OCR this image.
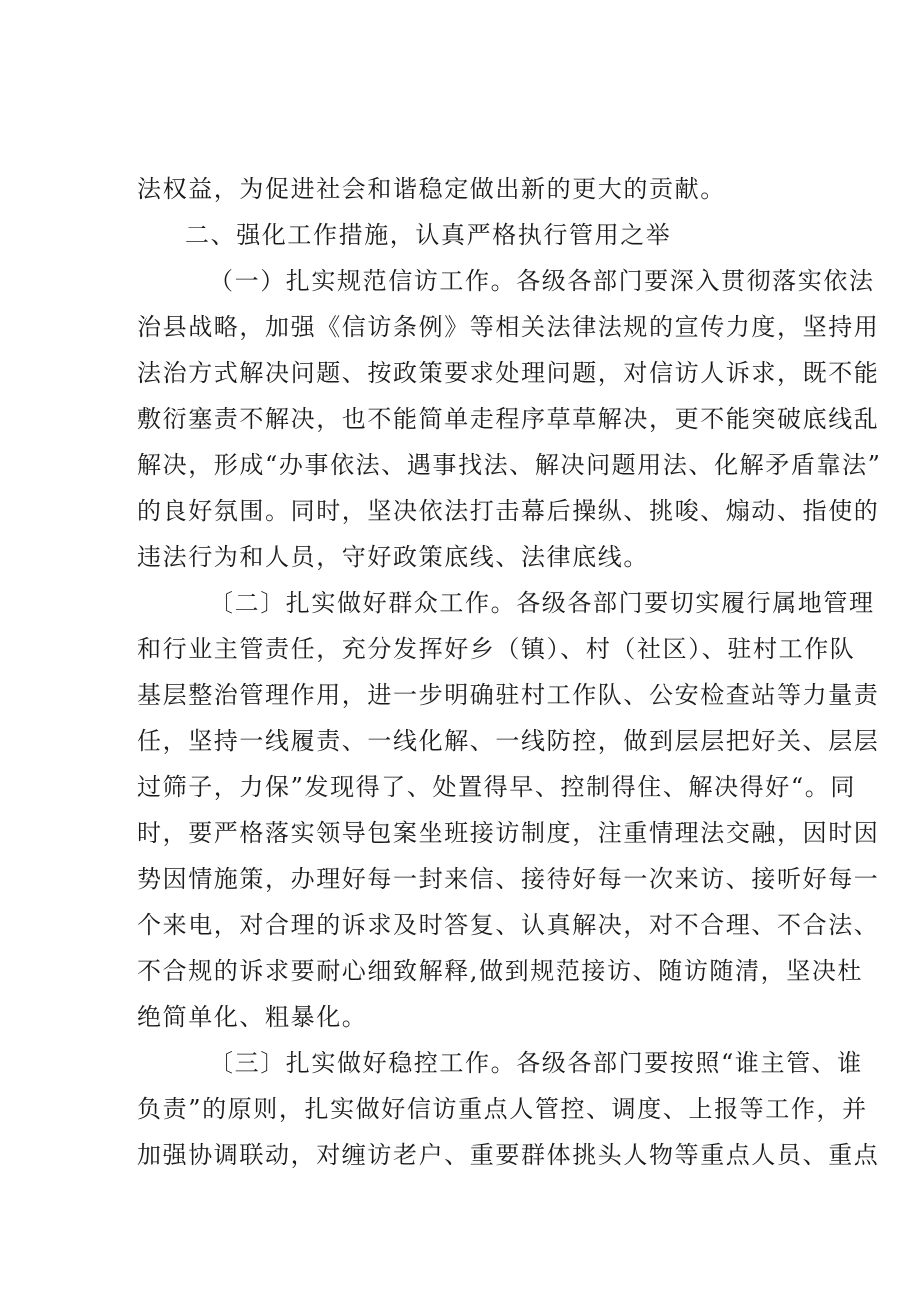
法权益，为促进社会和谐稳定做出新的更大的贡献。
二、强化工作措施，认真严格执行管用之举
（一）扎实规范信访工作。各级各部门要深入贯彻落实依法
治县战略，加强《信访条例》等相关法律法规的宣传力度，坚持用
法治方式解决问题、按政策要求处理问题，对信访人诉求，既不能
敷衍塞责不解决，也不能简单走程序草草解决，更不能突破底线乱
解决，形成“办事依法、遇事找法、解决问题用法、化解矛盾靠法”
的良好氛围。同时，坚决依法打击幕后操纵、挑唆、煽动、指使的
违法行为和人员，守好政策底线、法律底线。
〔二〕扎实做好群众工作。各级各部门要切实履行属地管理
和行业主管责任，充分发挥好乡（镇）、村（社区）、驻村工作队
基层整治管理作用，进一步明确驻村工作队、公安检查站等力量责
任，坚持一线履责、一线化解、一线防控，做到层层把好关、层层
过筛子，力保”发现得了、处置得早、控制得住、解决得好“。同
时，要严格落实领导包案坐班接访制度，注重情理法交融，因时因
势因情施策，办理好每一封来信、接待好每一次来访、接听好每一
个来电，对合理的诉求及时答复、认真解决，对不合理、不合法、
不合规的诉求要耐心细致解释,做到规范接访、随访随清，坚决杜
绝简单化、粗暴化。
〔三〕扎实做好稳控工作。各级各部门要按照“谁主管、谁
负责”的原则，扎实做好信访重点人管控、调度、上报等工作，并
加强协调联动，对缠访老户、重要群体挑头人物等重点人员、重点
